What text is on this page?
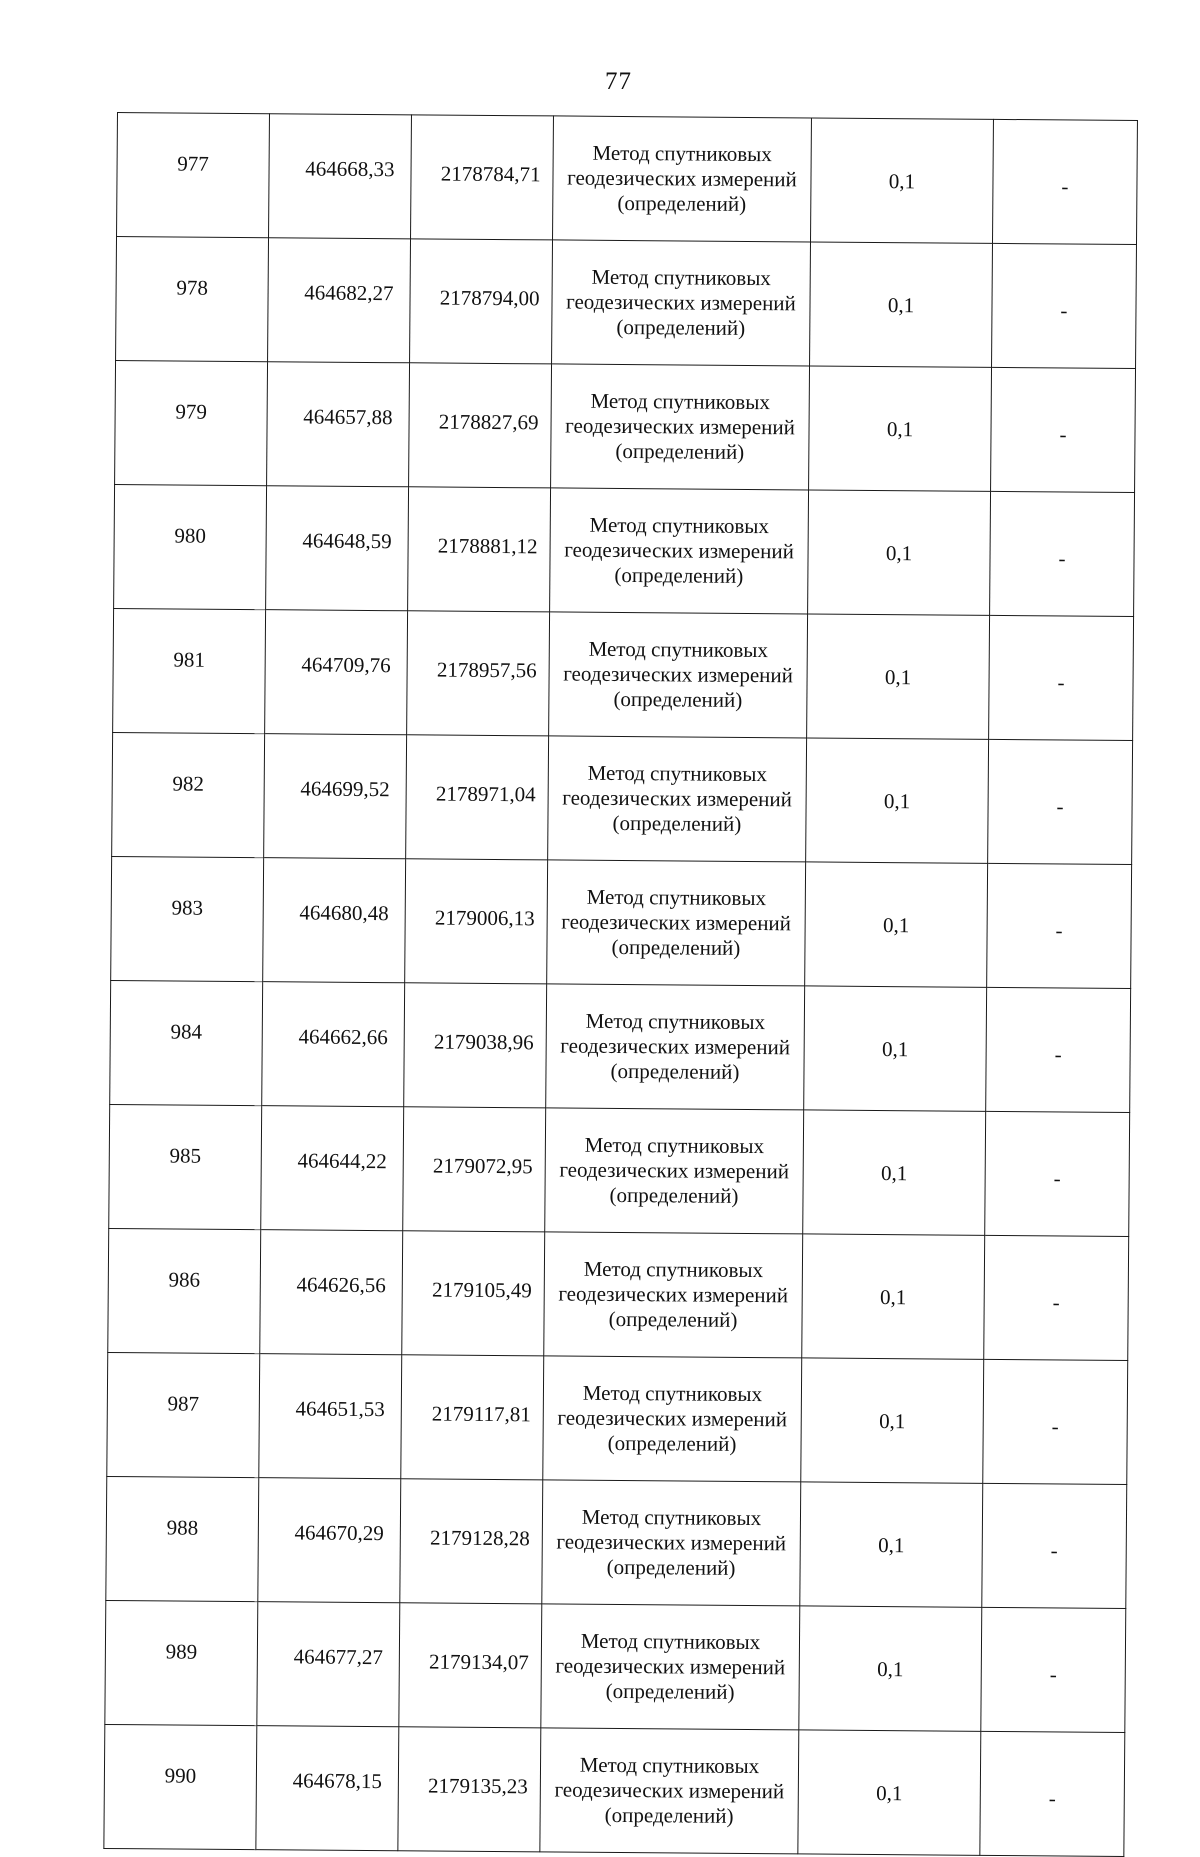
77
977	464668,33	2178784,71	Метод спутниковых
геодезических измерений
(определений)	0,1	-
978	464682,27	2178794,00	Метод спутниковых
геодезических измерений
(определений)	0,1	-
979	464657,88	2178827,69	Метод спутниковых
геодезических измерений
(определений)	0,1	-
980	464648,59	2178881,12	Метод спутниковых
геодезических измерений
(определений)	0,1	-
981	464709,76	2178957,56	Метод спутниковых
геодезических измерений
(определений)	0,1	-
982	464699,52	2178971,04	Метод спутниковых
геодезических измерений
(определений)	0,1	-
983	464680,48	2179006,13	Метод спутниковых
геодезических измерений
(определений)	0,1	-
984	464662,66	2179038,96	Метод спутниковых
геодезических измерений
(определений)	0,1	-
985	464644,22	2179072,95	Метод спутниковых
геодезических измерений
(определений)	0,1	-
986	464626,56	2179105,49	Метод спутниковых
геодезических измерений
(определений)	0,1	-
987	464651,53	2179117,81	Метод спутниковых
геодезических измерений
(определений)	0,1	-
988	464670,29	2179128,28	Метод спутниковых
геодезических измерений
(определений)	0,1	-
989	464677,27	2179134,07	Метод спутниковых
геодезических измерений
(определений)	0,1	-
990	464678,15	2179135,23	Метод спутниковых
геодезических измерений
(определений)	0,1	-
